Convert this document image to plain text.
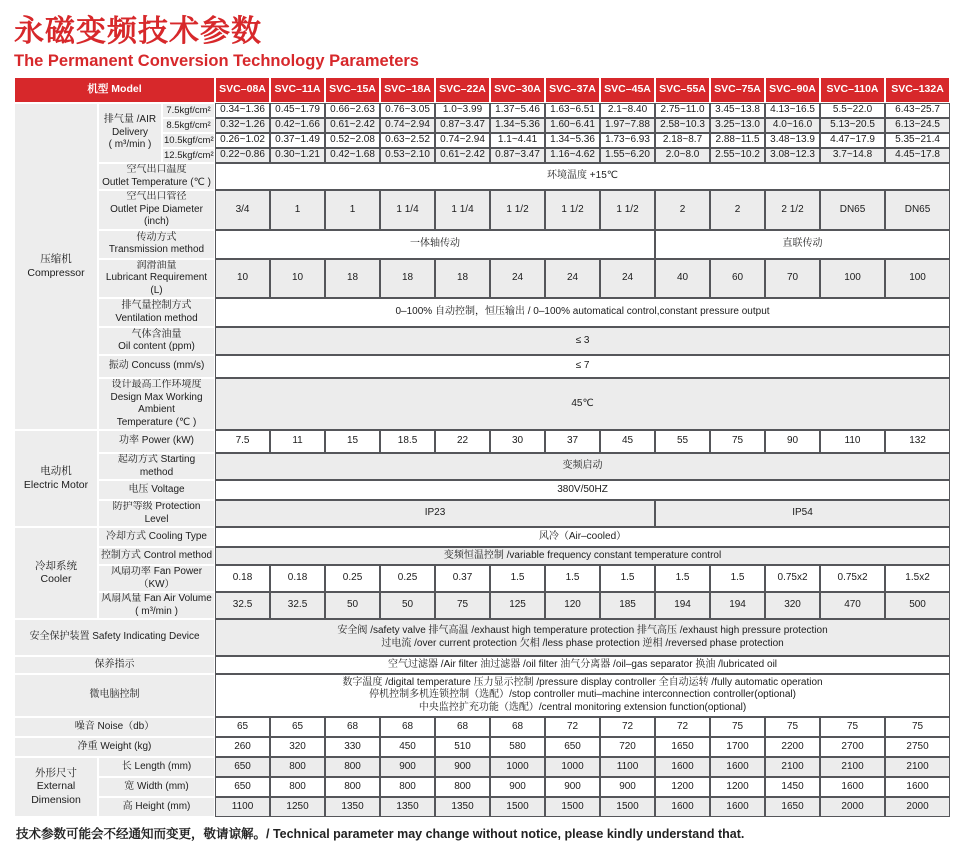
永磁变频技术参数
The Permanent Conversion Technology Parameters
机型 Model			SVC–08A	SVC–11A	SVC–15A	SVC–18A	SVC–22A	SVC–30A	SVC–37A	SVC–45A	SVC–55A	SVC–75A	SVC–90A	SVC–110A	SVC–132A

压缩机
Compressor

排气量 /AIR
Delivery
( m³/min )
	7.5kgf/cm²	0.34~1.36	0.45~1.79	0.66~2.63	0.76~3.05	1.0~3.99	1.37~5.46	1.63~6.51	2.1~8.40	2.75~11.0	3.45~13.8	4.13~16.5	5.5~22.0	6.43~25.7
		8.5kgf/cm²	0.32~1.26	0.42~1.66	0.61~2.42	0.74~2.94	0.87~3.47	1.34~5.36	1.60~6.41	1.97~7.88	2.58~10.3	3.25~13.0	4.0~16.0	5.13~20.5	6.13~24.5
		10.5kgf/cm²	0.26~1.02	0.37~1.49	0.52~2.08	0.63~2.52	0.74~2.94	1.1~4.41	1.34~5.36	1.73~6.93	2.18~8.7	2.88~11.5	3.48~13.9	4.47~17.9	5.35~21.4
		12.5kgf/cm²	0.22~0.86	0.30~1.21	0.42~1.68	0.53~2.10	0.61~2.42	0.87~3.47	1.16~4.62	1.55~6.20	2.0~8.0	2.55~10.2	3.08~12.3	3.7~14.8	4.45~17.8

	空气出口温度
Outlet Temperature (℃ )		环境温度 +15℃												

	空气出口管径
Outlet Pipe Diameter (inch)		3/4	1	1	1 1/4	1 1/4	1 1/2	1 1/2	1 1/2	2	2	2 1/2	DN65	DN65

	传动方式
Transmission method		一体轴传动								直联传动				

	润滑油量
Lubricant Requirement (L)		10	10	18	18	18	24	24	24	40	60	70	100	100

	排气量控制方式
Ventilation method		0–100% 自动控制，恒压输出 / 0–100% automatical control,constant pressure output												

	气体含油量
Oil content (ppm)		≤ 3												
	振动 Concuss (mm/s)		≤ 7												

	设计最高工作环境度
Design Max Working Ambient
Temperature (℃ )		45℃												

电动机
Electric Motor	功率 Power (kW)		7.5	11	15	18.5	22	30	37	45	55	75	90	110	132
	起动方式 Starting method		变频启动												
	电压 Voltage		380V/50HZ												
	防护等级 Protection Level		IP23								IP54				

冷却系统
Cooler	冷却方式 Cooling Type		风冷（Air–cooled）												
	控制方式 Control method		变频恒温控制 /variable frequency constant temperature control												
	风扇功率 Fan Power（KW）		0.18	0.18	0.25	0.25	0.37	1.5	1.5	1.5	1.5	1.5	0.75x2	0.75x2	1.5x2
	风扇风量 Fan Air Volume ( m³/min )		32.5	32.5	50	50	75	125	120	185	194	194	320	470	500
安全保护装置 Safety Indicating Device			安全阀 /safety valve 排气高温 /exhaust high temperature protection 排气高压 /exhaust high pressure protection
过电流 /over current protection 欠相 /less phase protection 逆相 /reversed phase protection												

保养指示			空气过滤器 /Air filter 油过滤器 /oil filter 油气分离器 /oil–gas separator 换油 /lubricated oil												
微电脑控制			数字温度 /digital temperature 压力显示控制 /pressure display controller 全自动运转 /fully automatic operation
停机控制多机连锁控制（选配）/stop controller muti–machine interconnection controller(optional)
中央监控扩充功能（选配）/central monitoring extension function(optional)												

噪音 Noise（db）			65	65	68	68	68	68	72	72	72	75	75	75	75
净重 Weight (kg)			260	320	330	450	510	580	650	720	1650	1700	2200	2700	2750

外形尺寸
External
Dimension	长 Length (mm)		650	800	800	900	900	1000	1000	1100	1600	1600	2100	2100	2100
	宽 Width (mm)		650	800	800	800	800	900	900	900	1200	1200	1450	1600	1600
	高 Height (mm)		1100	1250	1350	1350	1350	1500	1500	1500	1600	1600	1650	2000	2000
技术参数可能会不经通知而变更，敬请谅解。/ Technical parameter may change without notice, please kindly understand that.
